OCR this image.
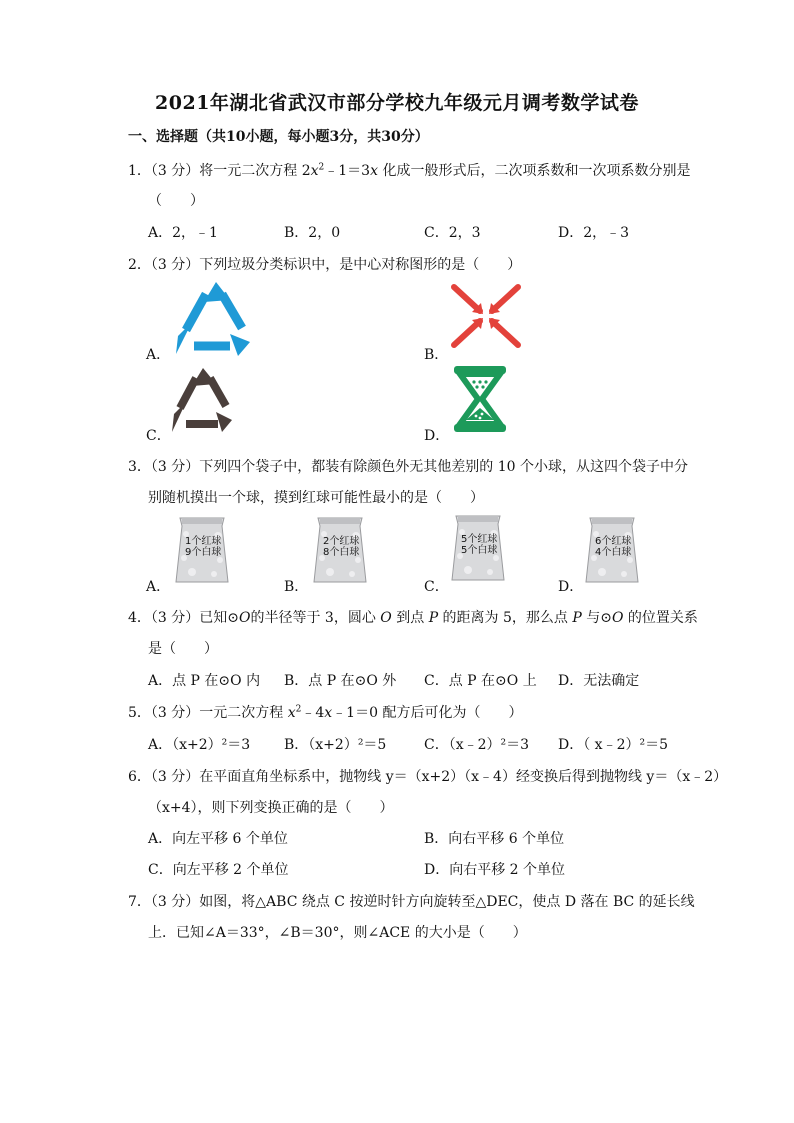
2021年湖北省武汉市部分学校九年级元月调考数学试卷
一、选择题（共10小题，每小题3分，共30分）
1．（3 分）将一元二次方程 $2x^2﹣1=3x$ 化成一般形式后，二次项系数和一次项系数分别是
（　　）
A．2，﹣1	B．2，0	C．2，3	D．2，﹣3
2．（3 分）下列垃圾分类标识中，是中心对称图形的是（　　）
A．	B．
C．	D．
3．（3 分）下列四个袋子中，都装有除颜色外无其他差别的 10 个小球，从这四个袋子中分
别随机摸出一个球，摸到红球可能性最小的是（　　）
A．
1个红球
9个白球
B．
2个红球
8个白球
C．
5个红球
5个白球
D．
6个红球
4个白球
4．（3 分）已知⊙O的半径等于 3，圆心 O 到点 P 的距离为 5，那么点 P 与⊙O 的位置关系
是（　　）
A．点 P 在⊙O 内 B．点 P 在⊙O 外 C．点 P 在⊙O 上 D．无法确定
5．（3 分）一元二次方程 $x^2﹣4x﹣1=0$ 配方后可化为（　　）
A．（x+2）²＝3 B．（x+2）²＝5	C．（x﹣2）²＝3 D．（ x﹣2）²＝5
6．（3 分）在平面直角坐标系中，抛物线 y＝（x+2）（x﹣4）经变换后得到抛物线 y＝（x﹣2）
（x+4），则下列变换正确的是（　　）
A．向左平移 6 个单位	B．向右平移 6 个单位
C．向左平移 2 个单位	D．向右平移 2 个单位
7．（3 分）如图，将△ABC 绕点 C 按逆时针方向旋转至△DEC，使点 D 落在 BC 的延长线
上．已知∠A＝33°，∠B＝30°，则∠ACE 的大小是（　　）
